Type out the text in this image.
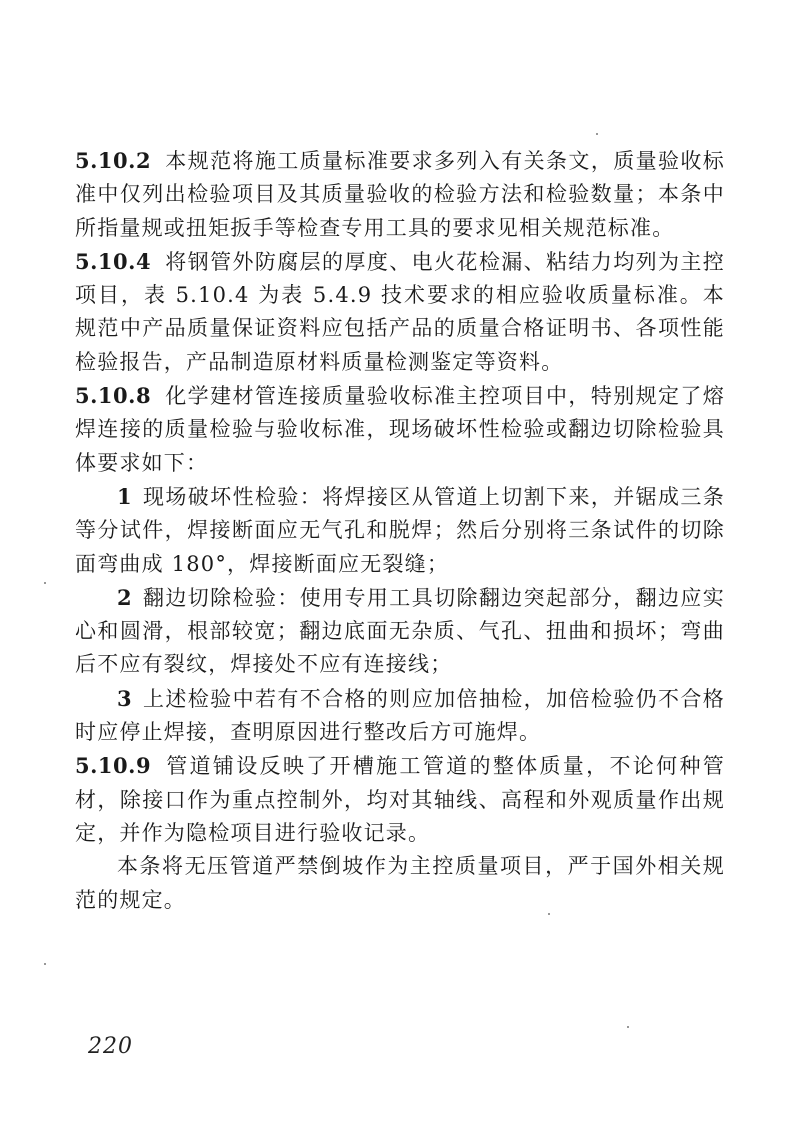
5.10.2 本规范将施工质量标准要求多列入有关条文，质量验收标准中仅列出检验项目及其质量验收的检验方法和检验数量；本条中所指量规或扭矩扳手等检查专用工具的要求见相关规范标准。

5.10.4 将钢管外防腐层的厚度、电火花检漏、粘结力均列为主控项目，表 5.10.4 为表 5.4.9 技术要求的相应验收质量标准。本规范中产品质量保证资料应包括产品的质量合格证明书、各项性能检验报告，产品制造原材料质量检测鉴定等资料。

5.10.8 化学建材管连接质量验收标准主控项目中，特别规定了熔焊连接的质量检验与验收标准，现场破坏性检验或翻边切除检验具体要求如下：

1 现场破坏性检验：将焊接区从管道上切割下来，并锯成三条等分试件，焊接断面应无气孔和脱焊；然后分别将三条试件的切除面弯曲成 180°，焊接断面应无裂缝；

2 翻边切除检验：使用专用工具切除翻边突起部分，翻边应实心和圆滑，根部较宽；翻边底面无杂质、气孔、扭曲和损坏；弯曲后不应有裂纹，焊接处不应有连接线；

3 上述检验中若有不合格的则应加倍抽检，加倍检验仍不合格时应停止焊接，查明原因进行整改后方可施焊。

5.10.9 管道铺设反映了开槽施工管道的整体质量，不论何种管材，除接口作为重点控制外，均对其轴线、高程和外观质量作出规定，并作为隐检项目进行验收记录。

本条将无压管道严禁倒坡作为主控质量项目，严于国外相关规范的规定。

220
